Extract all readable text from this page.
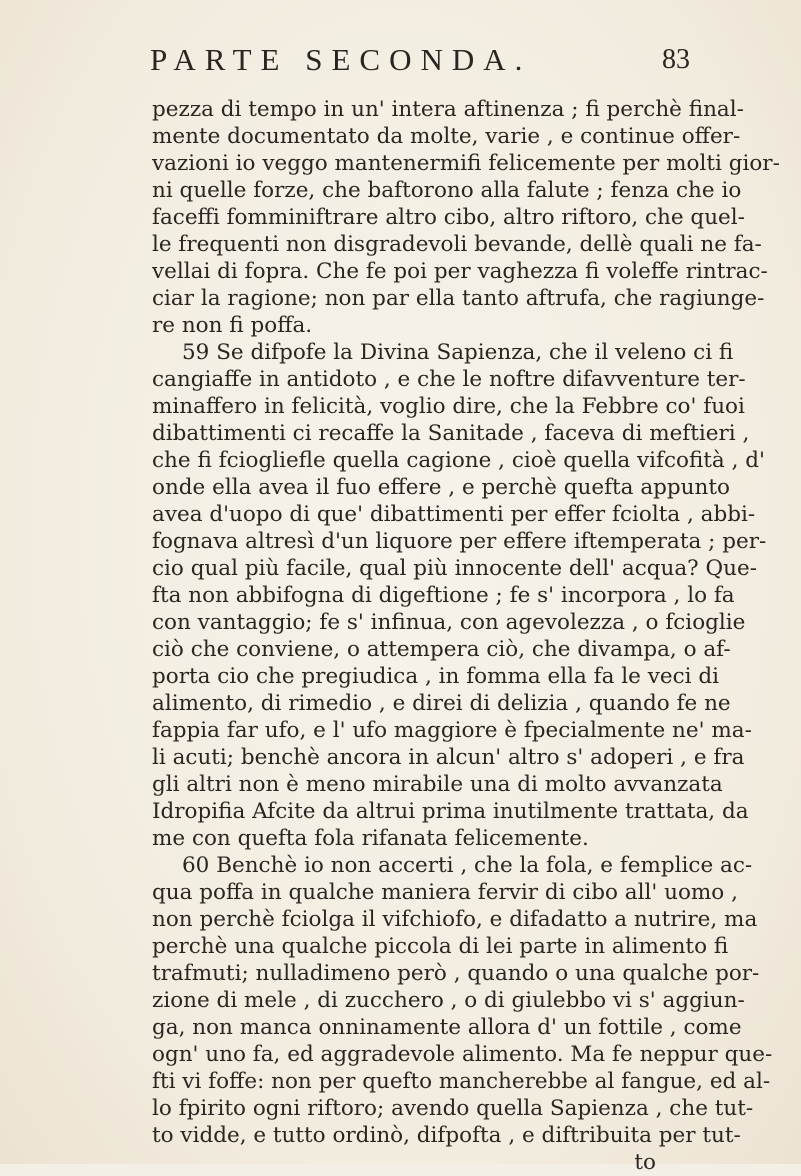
PARTE SECONDA.	83
pezza di tempo in un' intera aftinenza ; fi perchè final-
mente documentato da molte, varie , e continue offer-
vazioni io veggo mantenermifi felicemente per molti gior-
ni quelle forze, che baftorono alla falute ; fenza che io
faceffi fomminiftrare altro cibo, altro riftoro, che quel-
le frequenti non disgradevoli bevande, dellè quali ne fa-
vellai di fopra. Che fe poi per vaghezza fi voleffe rintrac-
ciar la ragione; non par ella tanto aftrufa, che ragiunge-
re non fi poffa.
59 Se difpofe la Divina Sapienza, che il veleno ci fi
cangiaffe in antidoto , e che le noftre difavventure ter-
minaffero in felicità, voglio dire, che la Febbre co' fuoi
dibattimenti ci recaffe la Sanitade , faceva di meftieri ,
che fi fciogliefle quella cagione , cioè quella vifcofità , d'
onde ella avea il fuo effere , e perchè quefta appunto
avea d'uopo di que' dibattimenti per effer fciolta , abbi-
fognava altresì d'un liquore per effere iftemperata ; per-
cio qual più facile, qual più innocente dell' acqua? Que-
fta non abbifogna di digeftione ; fe s' incorpora , lo fa
con vantaggio; fe s' infinua, con agevolezza , o fcioglie
ciò che conviene, o attempera ciò, che divampa, o af-
porta cio che pregiudica , in fomma ella fa le veci di
alimento, di rimedio , e direi di delizia , quando fe ne
fappia far ufo, e l' ufo maggiore è fpecialmente ne' ma-
li acuti; benchè ancora in alcun' altro s' adoperi , e fra
gli altri non è meno mirabile una di molto avvanzata
Idropifia Afcite da altrui prima inutilmente trattata, da
me con quefta fola rifanata felicemente.
60 Benchè io non accerti , che la fola, e femplice ac-
qua poffa in qualche maniera fervir di cibo all' uomo ,
non perchè fciolga il vifchiofo, e difadatto a nutrire, ma
perchè una qualche piccola di lei parte in alimento fi
trafmuti; nulladimeno però , quando o una qualche por-
zione di mele , di zucchero , o di giulebbo vi s' aggiun-
ga, non manca onninamente allora d' un fottile , come
ogn' uno fa, ed aggradevole alimento. Ma fe neppur que-
fti vi foffe: non per quefto mancherebbe al fangue, ed al-
lo fpirito ogni riftoro; avendo quella Sapienza , che tut-
to vidde, e tutto ordinò, difpofta , e diftribuita per tut-
to
